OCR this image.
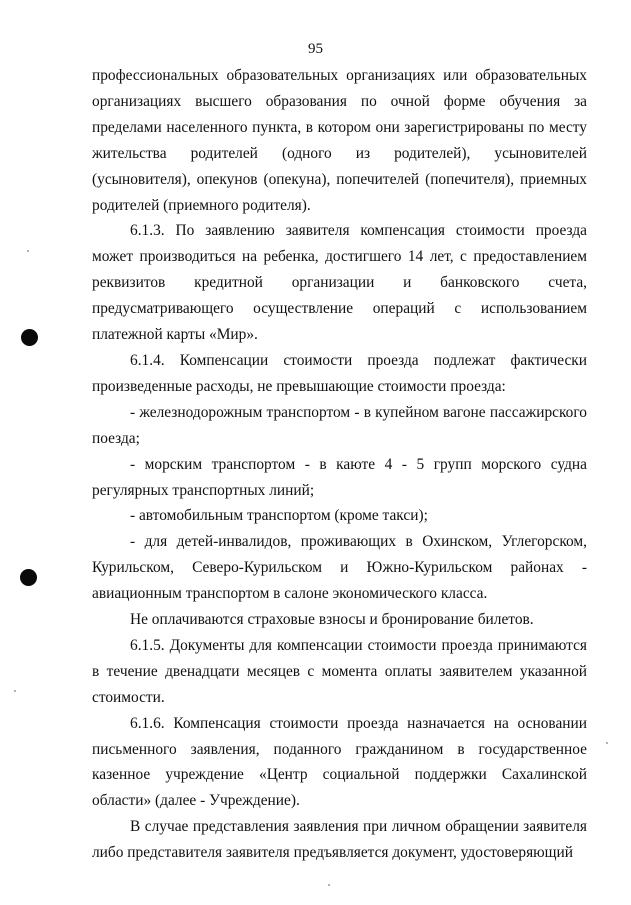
95

профессиональных образовательных организациях или образовательных организациях высшего образования по очной форме обучения за пределами населенного пункта, в котором они зарегистрированы по месту жительства родителей (одного из родителей), усыновителей (усыновителя), опекунов (опекуна), попечителей (попечителя), приемных родителей (приемного родителя).

6.1.3. По заявлению заявителя компенсация стоимости проезда может производиться на ребенка, достигшего 14 лет, с предоставлением реквизитов кредитной организации и банковского счета, предусматривающего осуществление операций с использованием платежной карты «Мир».

6.1.4. Компенсации стоимости проезда подлежат фактически произведенные расходы, не превышающие стоимости проезда:

- железнодорожным транспортом - в купейном вагоне пассажирского поезда;

- морским транспортом - в каюте 4 - 5 групп морского судна регулярных транспортных линий;

- автомобильным транспортом (кроме такси);

- для детей-инвалидов, проживающих в Охинском, Углегорском, Курильском, Северо-Курильском и Южно-Курильском районах - авиационным транспортом в салоне экономического класса.

Не оплачиваются страховые взносы и бронирование билетов.

6.1.5. Документы для компенсации стоимости проезда принимаются в течение двенадцати месяцев с момента оплаты заявителем указанной стоимости.

6.1.6. Компенсация стоимости проезда назначается на основании письменного заявления, поданного гражданином в государственное казенное учреждение «Центр социальной поддержки Сахалинской области» (далее - Учреждение).

В случае представления заявления при личном обращении заявителя либо представителя заявителя предъявляется документ, удостоверяющий
